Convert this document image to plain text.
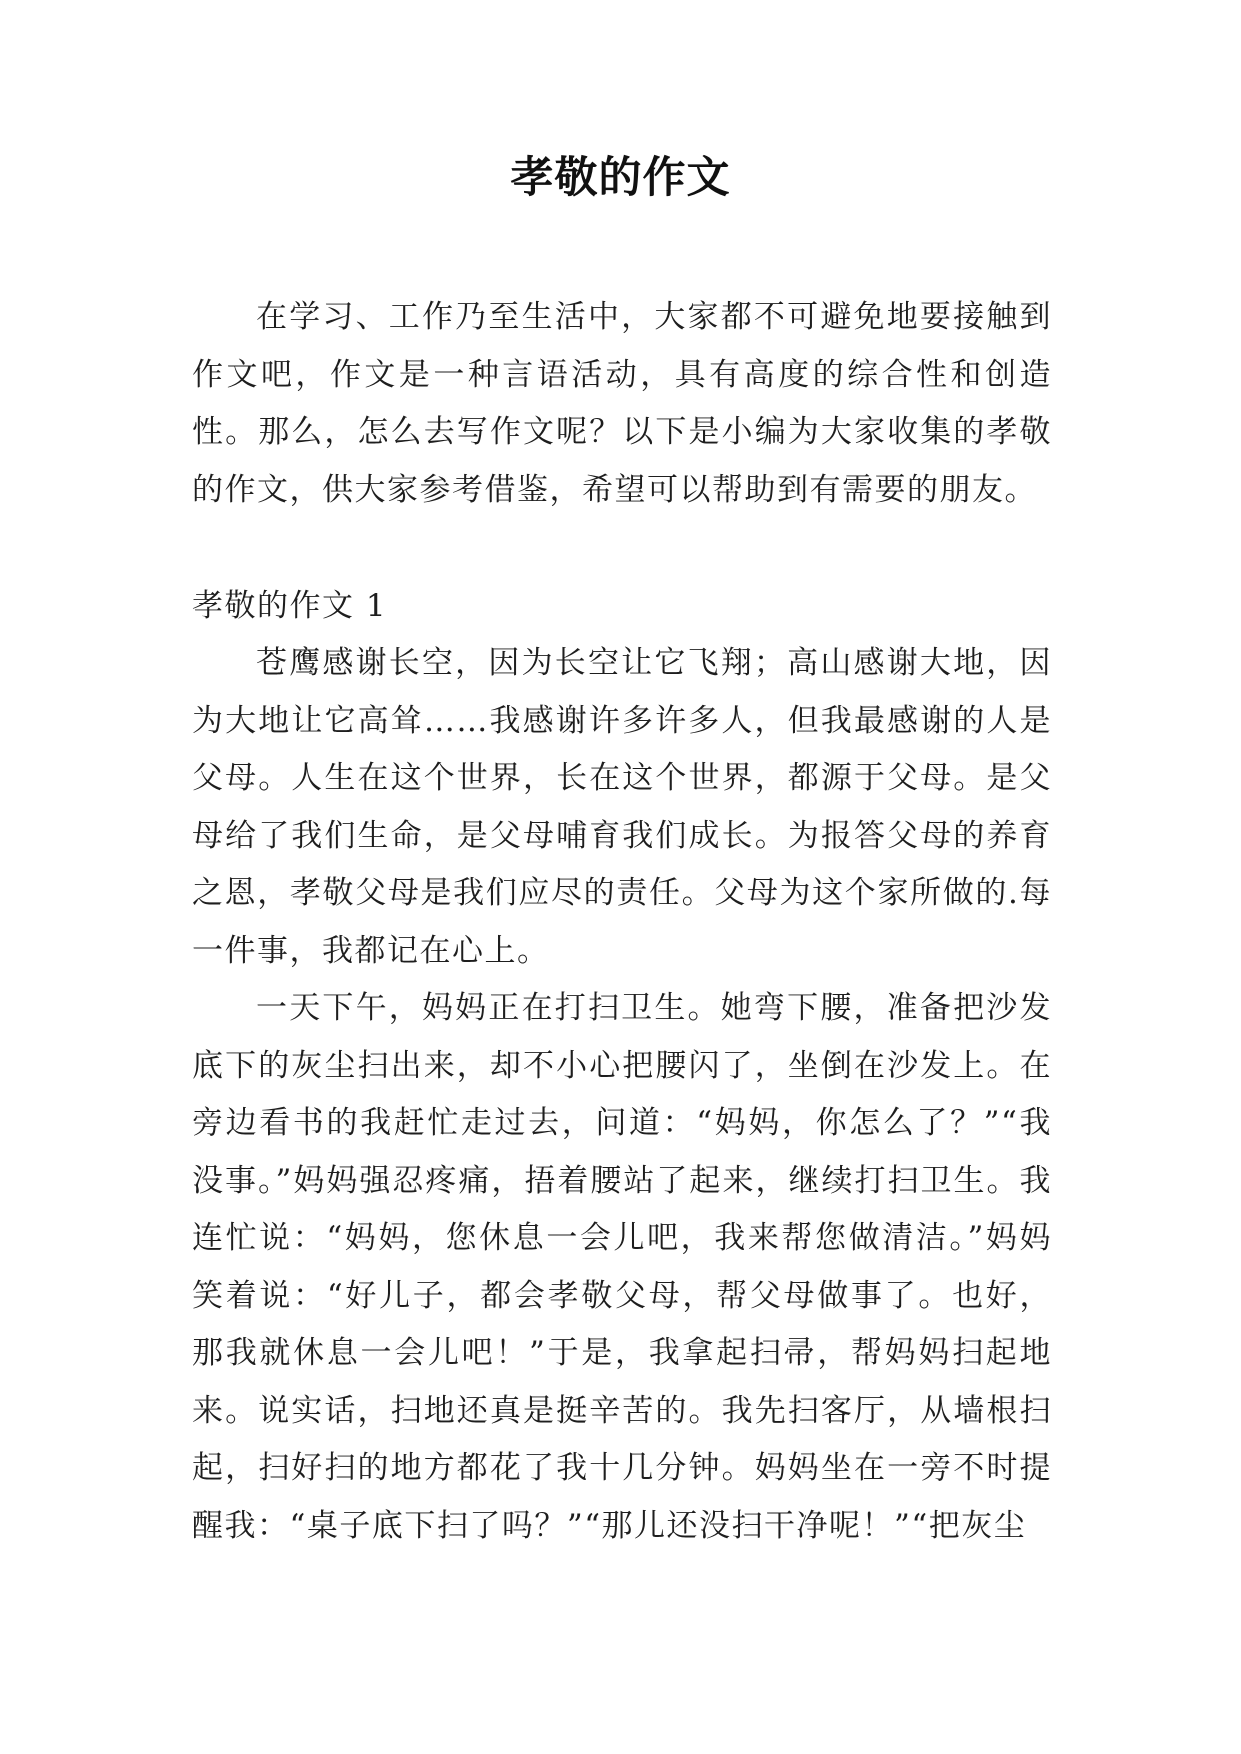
孝敬的作文

在学习、工作乃至生活中，大家都不可避免地要接触到作文吧，作文是一种言语活动，具有高度的综合性和创造性。那么，怎么去写作文呢？以下是小编为大家收集的孝敬的作文，供大家参考借鉴，希望可以帮助到有需要的朋友。

孝敬的作文 1

苍鹰感谢长空，因为长空让它飞翔；高山感谢大地，因为大地让它高耸……我感谢许多许多人，但我最感谢的人是父母。人生在这个世界，长在这个世界，都源于父母。是父母给了我们生命，是父母哺育我们成长。为报答父母的养育之恩，孝敬父母是我们应尽的责任。父母为这个家所做的.每一件事，我都记在心上。

一天下午，妈妈正在打扫卫生。她弯下腰，准备把沙发底下的灰尘扫出来，却不小心把腰闪了，坐倒在沙发上。在旁边看书的我赶忙走过去，问道：“妈妈，你怎么了？”“我没事。”妈妈强忍疼痛，捂着腰站了起来，继续打扫卫生。我连忙说：“妈妈，您休息一会儿吧，我来帮您做清洁。”妈妈笑着说：“好儿子，都会孝敬父母，帮父母做事了。也好，那我就休息一会儿吧！”于是，我拿起扫帚，帮妈妈扫起地来。说实话，扫地还真是挺辛苦的。我先扫客厅，从墙根扫起，扫好扫的地方都花了我十几分钟。妈妈坐在一旁不时提醒我：“桌子底下扫了吗？”“那儿还没扫干净呢！”“把灰尘
